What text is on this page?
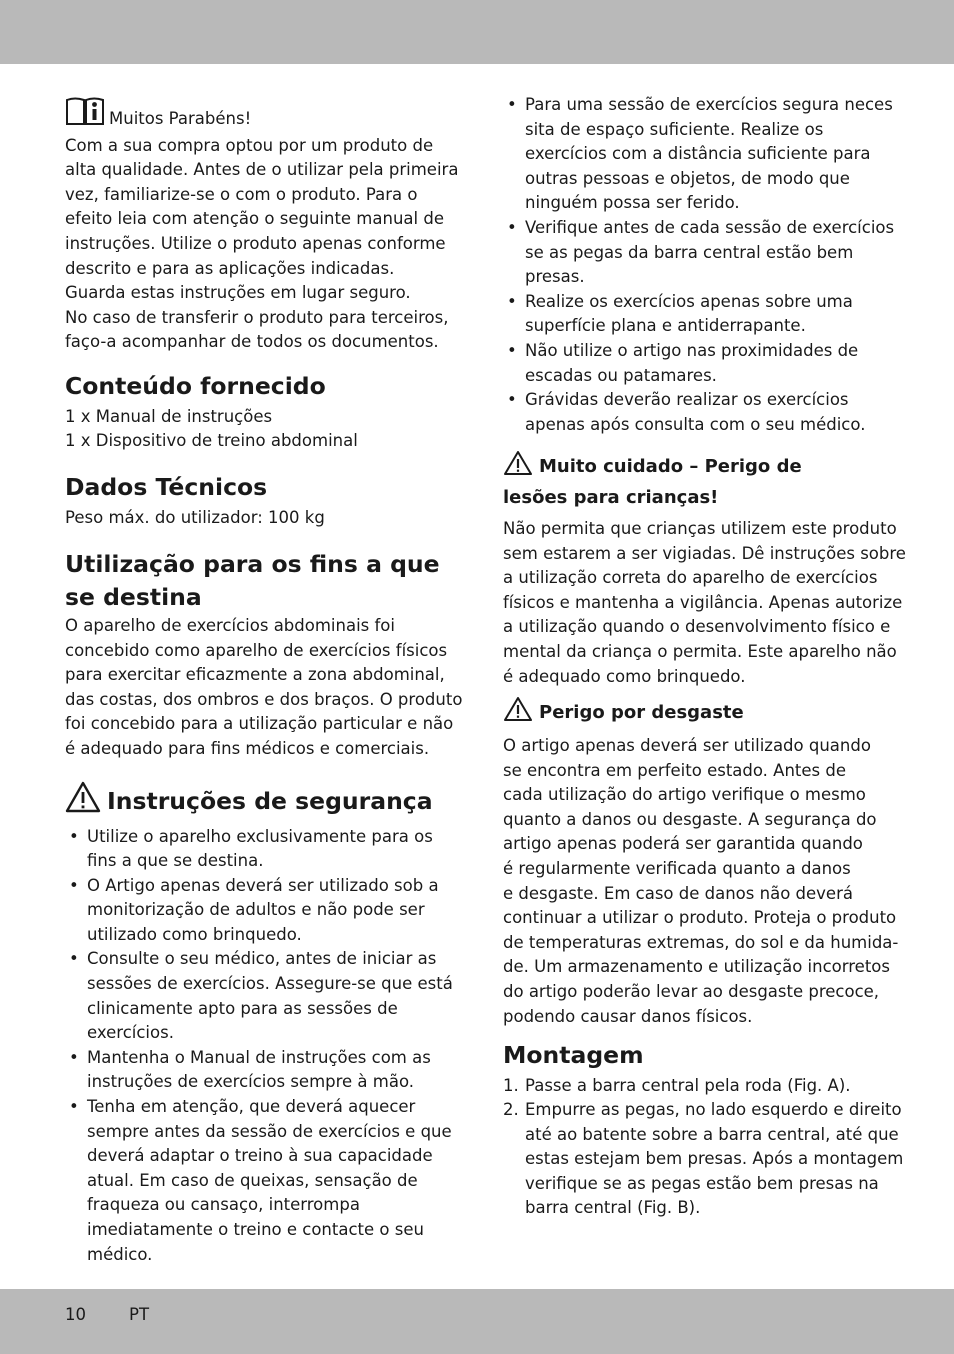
Muitos Parabéns!

Com a sua compra optou por um produto de

alta qualidade. Antes de o utilizar pela primeira

vez, familiarize-se o com o produto. Para o

efeito leia com atenção o seguinte manual de

instruções. Utilize o produto apenas conforme

descrito e para as aplicações indicadas.

Guarda estas instruções em lugar seguro.

No caso de transferir o produto para terceiros,

faço-a acompanhar de todos os documentos.

Conteúdo fornecido

1 x Manual de instruções

1 x Dispositivo de treino abdominal

Dados Técnicos

Peso máx. do utilizador: 100 kg

Utilização para os fins a que

se destina

O aparelho de exercícios abdominais foi

concebido como aparelho de exercícios físicos

para exercitar eficazmente a zona abdominal,

das costas, dos ombros e dos braços. O produto

foi concebido para a utilização particular e não

é adequado para fins médicos e comerciais.

Instruções de segurança

• Utilize o aparelho exclusivamente para os
fins a que se destina.
• O Artigo apenas deverá ser utilizado sob a
monitorização de adultos e não pode ser
utilizado como brinquedo.
• Consulte o seu médico, antes de iniciar as
sessões de exercícios. Assegure-se que está
clinicamente apto para as sessões de
exercícios.
• Mantenha o Manual de instruções com as
instruções de exercícios sempre à mão.
• Tenha em atenção, que deverá aquecer
sempre antes da sessão de exercícios e que
deverá adaptar o treino à sua capacidade
atual. Em caso de queixas, sensação de
fraqueza ou cansaço, interrompa
imediatamente o treino e contacte o seu
médico.
• Para uma sessão de exercícios segura neces
sita de espaço suficiente. Realize os
exercícios com a distância suficiente para
outras pessoas e objetos, de modo que
ninguém possa ser ferido.
• Verifique antes de cada sessão de exercícios
se as pegas da barra central estão bem
presas.
• Realize os exercícios apenas sobre uma
superfície plana e antiderrapante.
• Não utilize o artigo nas proximidades de
escadas ou patamares.
• Grávidas deverão realizar os exercícios
apenas após consulta com o seu médico.

Muito cuidado – Perigo de

lesões para crianças!

Não permita que crianças utilizem este produto

sem estarem a ser vigiadas. Dê instruções sobre

a utilização correta do aparelho de exercícios

físicos e mantenha a vigilância. Apenas autorize

a utilização quando o desenvolvimento físico e

mental da criança o permita. Este aparelho não

é adequado como brinquedo.

Perigo por desgaste

O artigo apenas deverá ser utilizado quando

se encontra em perfeito estado. Antes de

cada utilização do artigo verifique o mesmo

quanto a danos ou desgaste. A segurança do

artigo apenas poderá ser garantida quando

é regularmente verificada quanto a danos

e desgaste. Em caso de danos não deverá

continuar a utilizar o produto. Proteja o produto

de temperaturas extremas, do sol e da humida-

de. Um armazenamento e utilização incorretos

do artigo poderão levar ao desgaste precoce,

podendo causar danos físicos.

Montagem

1. Passe a barra central pela roda (Fig. A).
2. Empurre as pegas, no lado esquerdo e direito
até ao batente sobre a barra central, até que
estas estejam bem presas. Após a montagem
verifique se as pegas estão bem presas na
barra central (Fig. B).
10	PT
